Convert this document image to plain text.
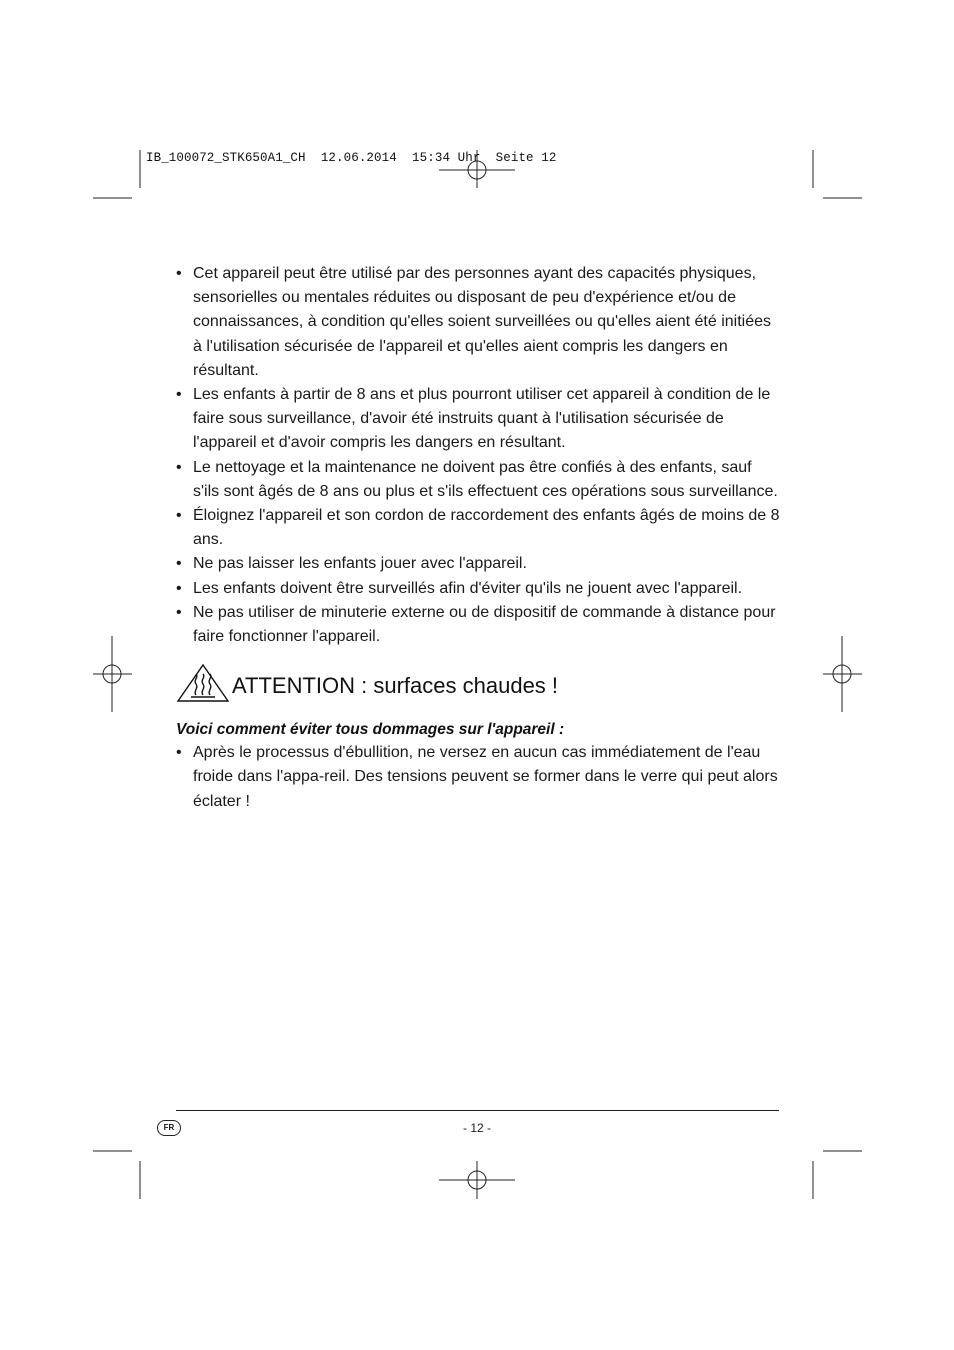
IB_100072_STK650A1_CH  12.06.2014  15:34 Uhr  Seite 12
• Cet appareil peut être utilisé par des personnes ayant des capacités physiques, sensorielles ou mentales réduites ou disposant de peu d'expérience et/ou de connaissances, à condition qu'elles soient surveillées ou qu'elles aient été initiées à l'utilisation sécurisée de l'appareil et qu'elles aient compris les dangers en résultant.
• Les enfants à partir de 8 ans et plus pourront utiliser cet appareil à condition de le faire sous surveillance, d'avoir été instruits quant à l'utilisation sécurisée de l'appareil et d'avoir compris les dangers en résultant.
• Le nettoyage et la maintenance ne doivent pas être confiés à des enfants, sauf s'ils sont âgés de 8 ans ou plus et s'ils effectuent ces opérations sous surveillance.
• Éloignez l'appareil et son cordon de raccordement des enfants âgés de moins de 8 ans.
• Ne pas laisser les enfants jouer avec l'appareil.
• Les enfants doivent être surveillés afin d'éviter qu'ils ne jouent avec l'appareil.
• Ne pas utiliser de minuterie externe ou de dispositif de commande à distance pour faire fonctionner l'appareil.
ATTENTION : surfaces chaudes !
Voici comment éviter tous dommages sur l'appareil :
• Après le processus d'ébullition, ne versez en aucun cas immédiatement de l'eau froide dans l'appa-reil. Des tensions peuvent se former dans le verre qui peut alors éclater !
FR	- 12 -
